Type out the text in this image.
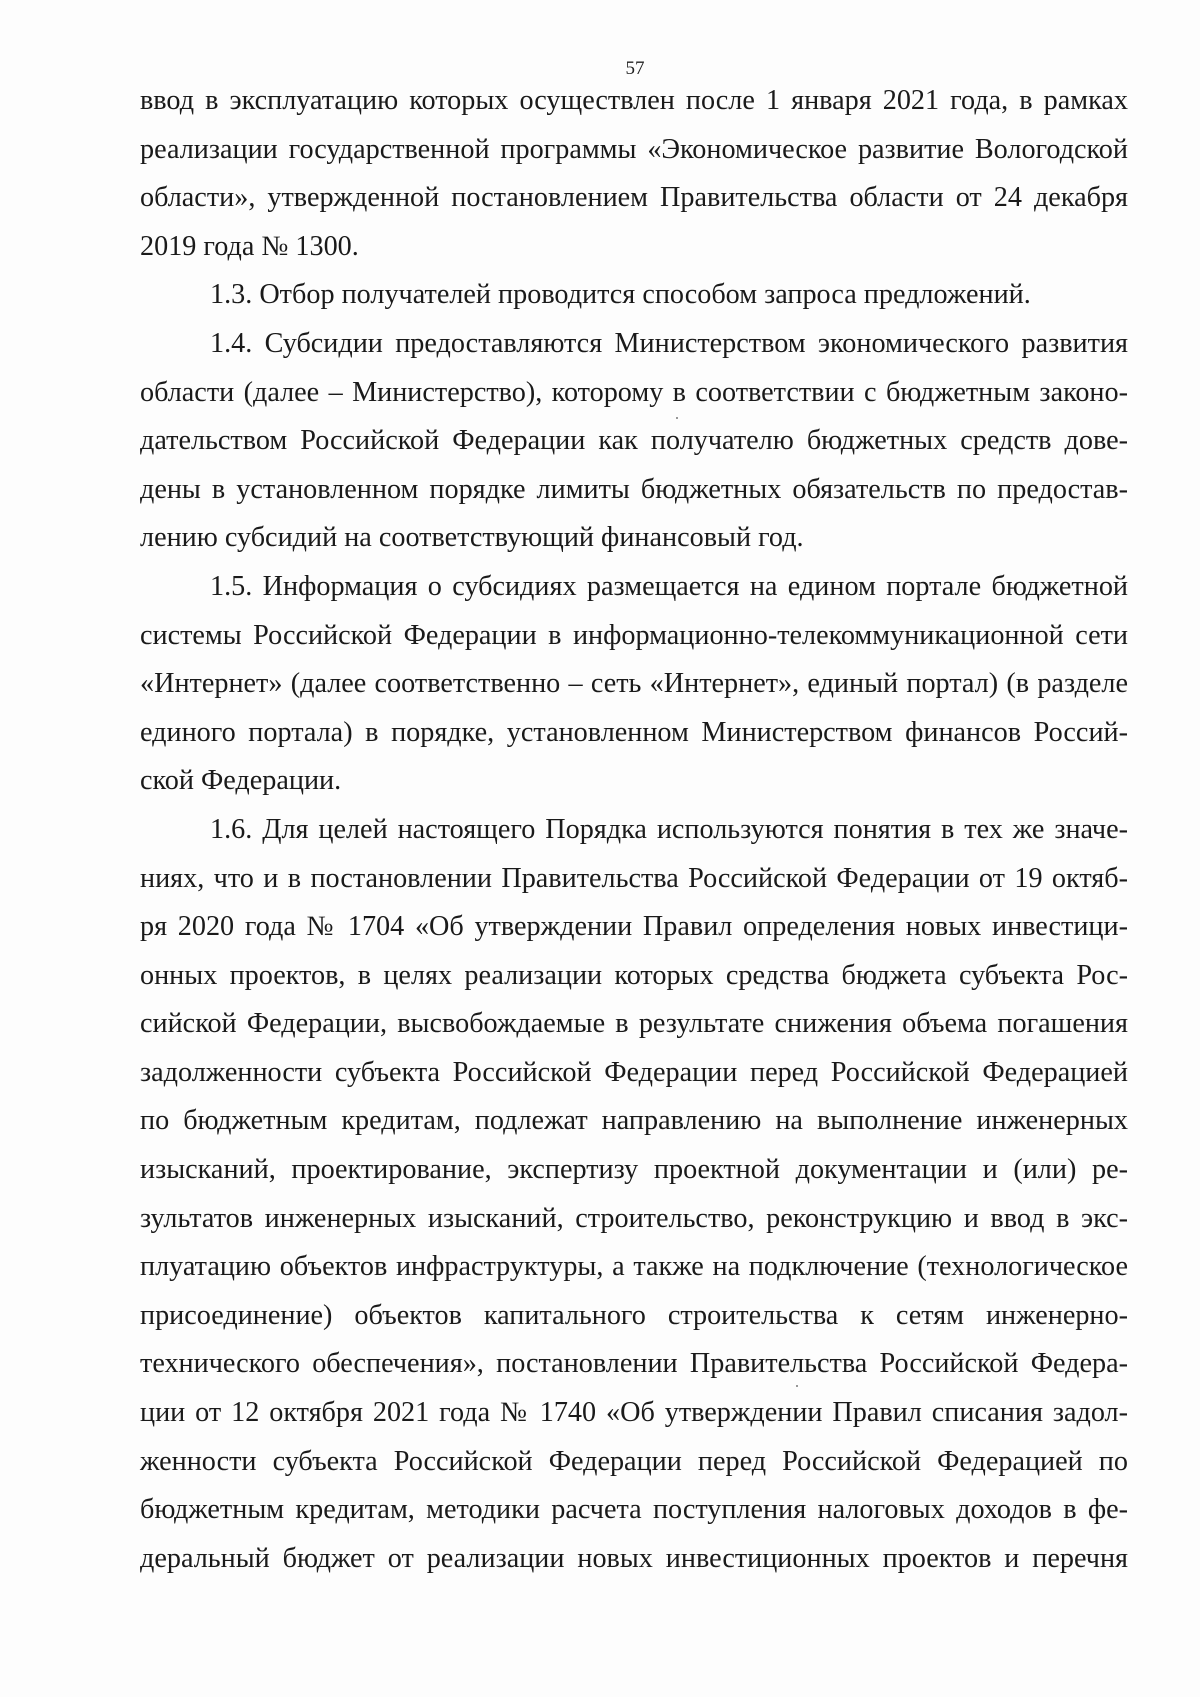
57
ввод в эксплуатацию которых осуществлен после 1 января 2021 года, в рамках
реализации государственной программы «Экономическое развитие Вологодской
области», утвержденной постановлением Правительства области от 24 декабря
2019 года № 1300.
1.3. Отбор получателей проводится способом запроса предложений.
1.4. Субсидии предоставляются Министерством экономического развития
области (далее – Министерство), которому в соответствии с бюджетным законо-
дательством Российской Федерации как получателю бюджетных средств дове-
дены в установленном порядке лимиты бюджетных обязательств по предостав-
лению субсидий на соответствующий финансовый год.
1.5. Информация о субсидиях размещается на едином портале бюджетной
системы Российской Федерации в информационно-телекоммуникационной сети
«Интернет» (далее соответственно – сеть «Интернет», единый портал) (в разделе
единого портала) в порядке, установленном Министерством финансов Россий-
ской Федерации.
1.6. Для целей настоящего Порядка используются понятия в тех же значе-
ниях, что и в постановлении Правительства Российской Федерации от 19 октяб-
ря 2020 года № 1704 «Об утверждении Правил определения новых инвестици-
онных проектов, в целях реализации которых средства бюджета субъекта Рос-
сийской Федерации, высвобождаемые в результате снижения объема погашения
задолженности субъекта Российской Федерации перед Российской Федерацией
по бюджетным кредитам, подлежат направлению на выполнение инженерных
изысканий, проектирование, экспертизу проектной документации и (или) ре-
зультатов инженерных изысканий, строительство, реконструкцию и ввод в экс-
плуатацию объектов инфраструктуры, а также на подключение (технологическое
присоединение) объектов капитального строительства к сетям инженерно-
технического обеспечения», постановлении Правительства Российской Федера-
ции от 12 октября 2021 года № 1740 «Об утверждении Правил списания задол-
женности субъекта Российской Федерации перед Российской Федерацией по
бюджетным кредитам, методики расчета поступления налоговых доходов в фе-
деральный бюджет от реализации новых инвестиционных проектов и перечня
